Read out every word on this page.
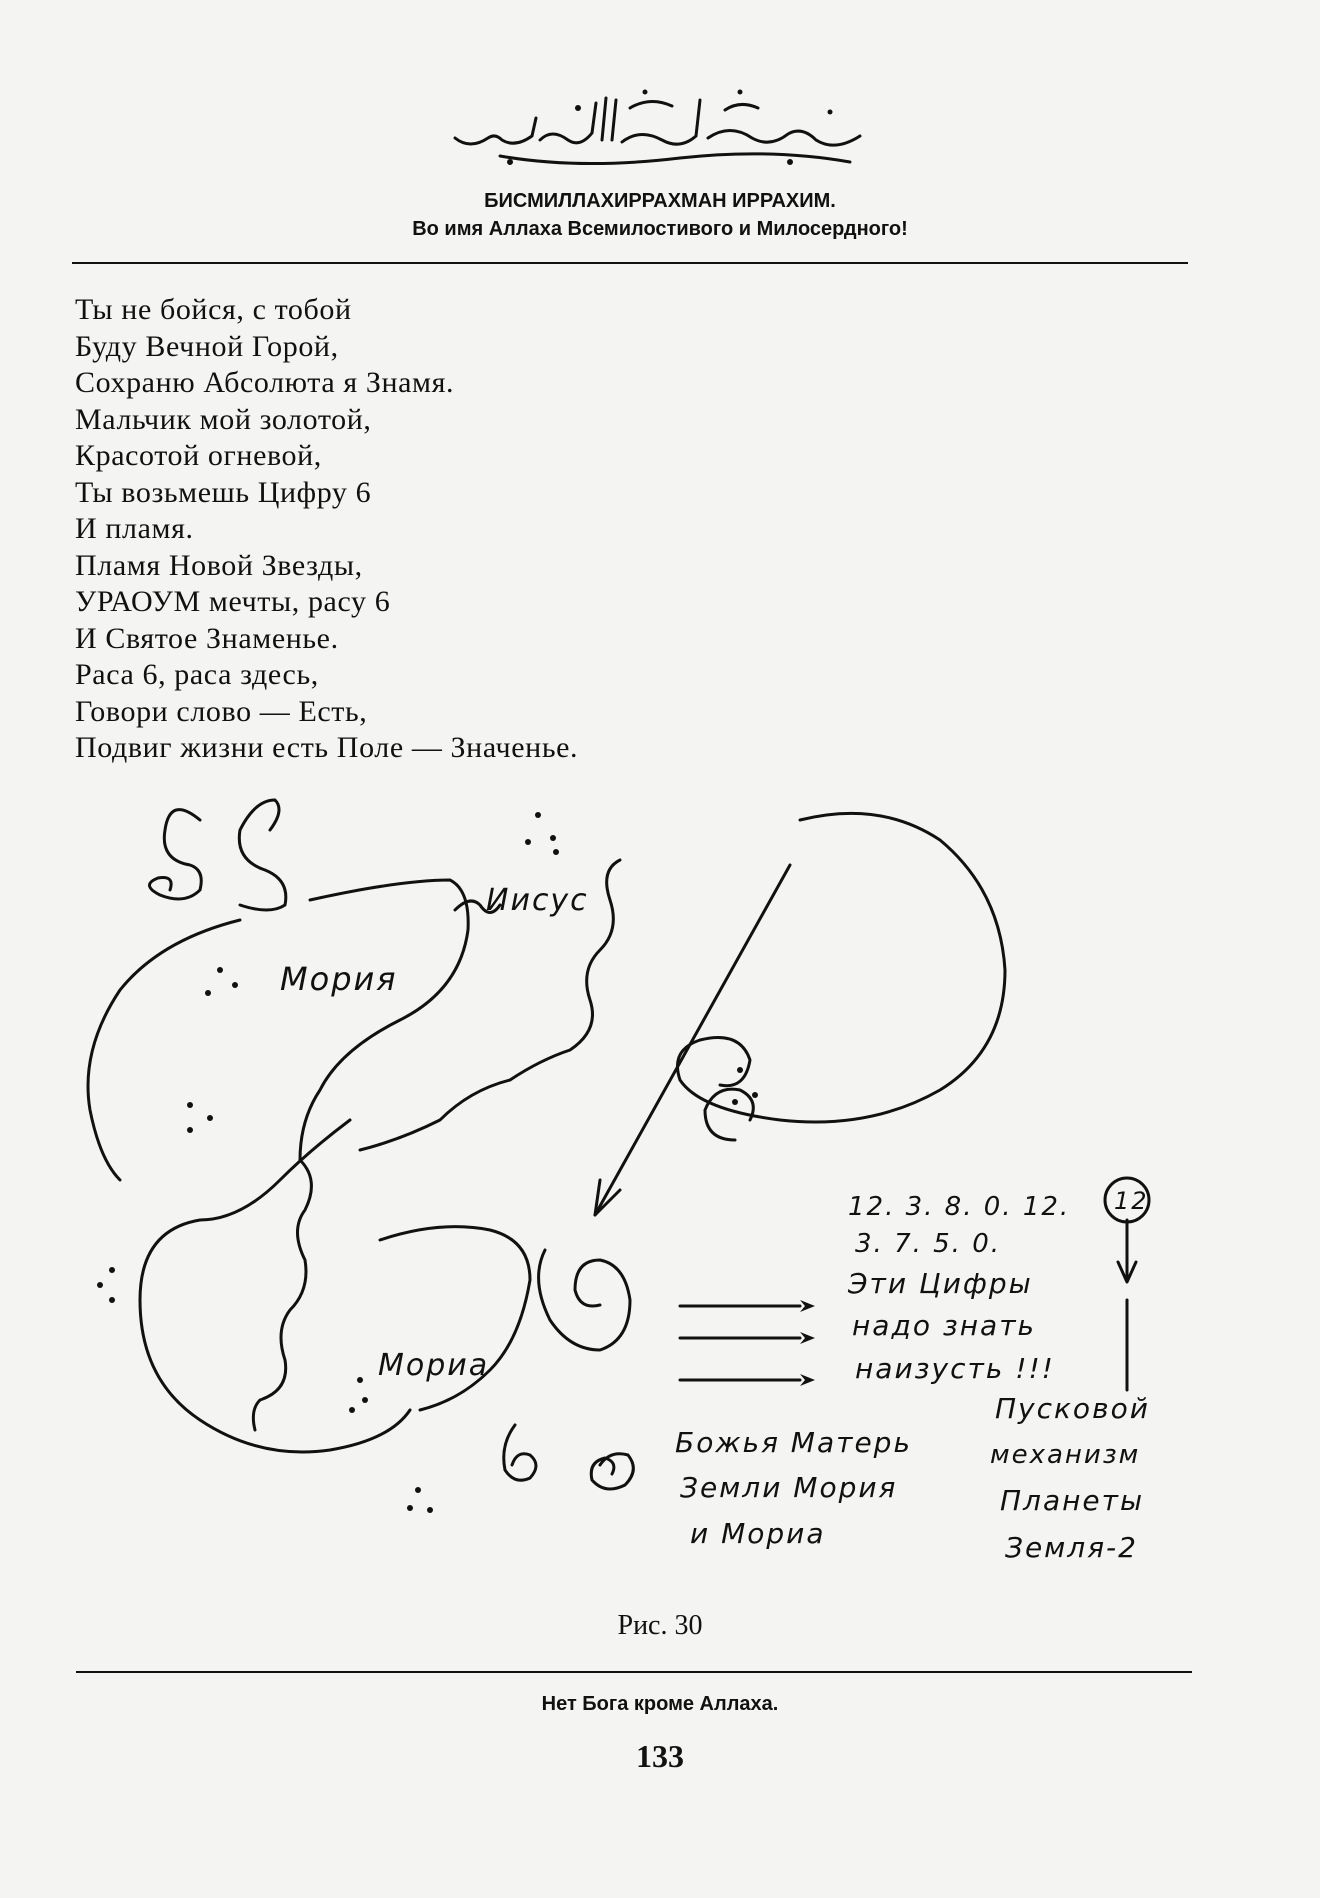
БИСМИЛЛАХИРРАХМАН ИРРАХИМ.
Во имя Аллаха Всемилостивого и Милосердного!
Ты не бойся, с тобой
Буду Вечной Горой,
Сохраню Абсолюта я Знамя.
Мальчик мой золотой,
Красотой огневой,
Ты возьмешь Цифру 6
И пламя.
Пламя Новой Звезды,
УРАОУМ мечты, расу 6
И Святое Знаменье.
Раса 6, раса здесь,
Говори слово — Есть,
Подвиг жизни есть Поле — Значенье.
Иисус
Мория
Мориа
12. 3. 8. 0. 12.
3. 7. 5. 0.
Эти Цифры
надо знать
наизусть !!!
12
Божья Матерь
Земли Мория
и Мориа
Пусковой
механизм
Планеты
Земля-2
Рис. 30
Нет Бога кроме Аллаха.
133
